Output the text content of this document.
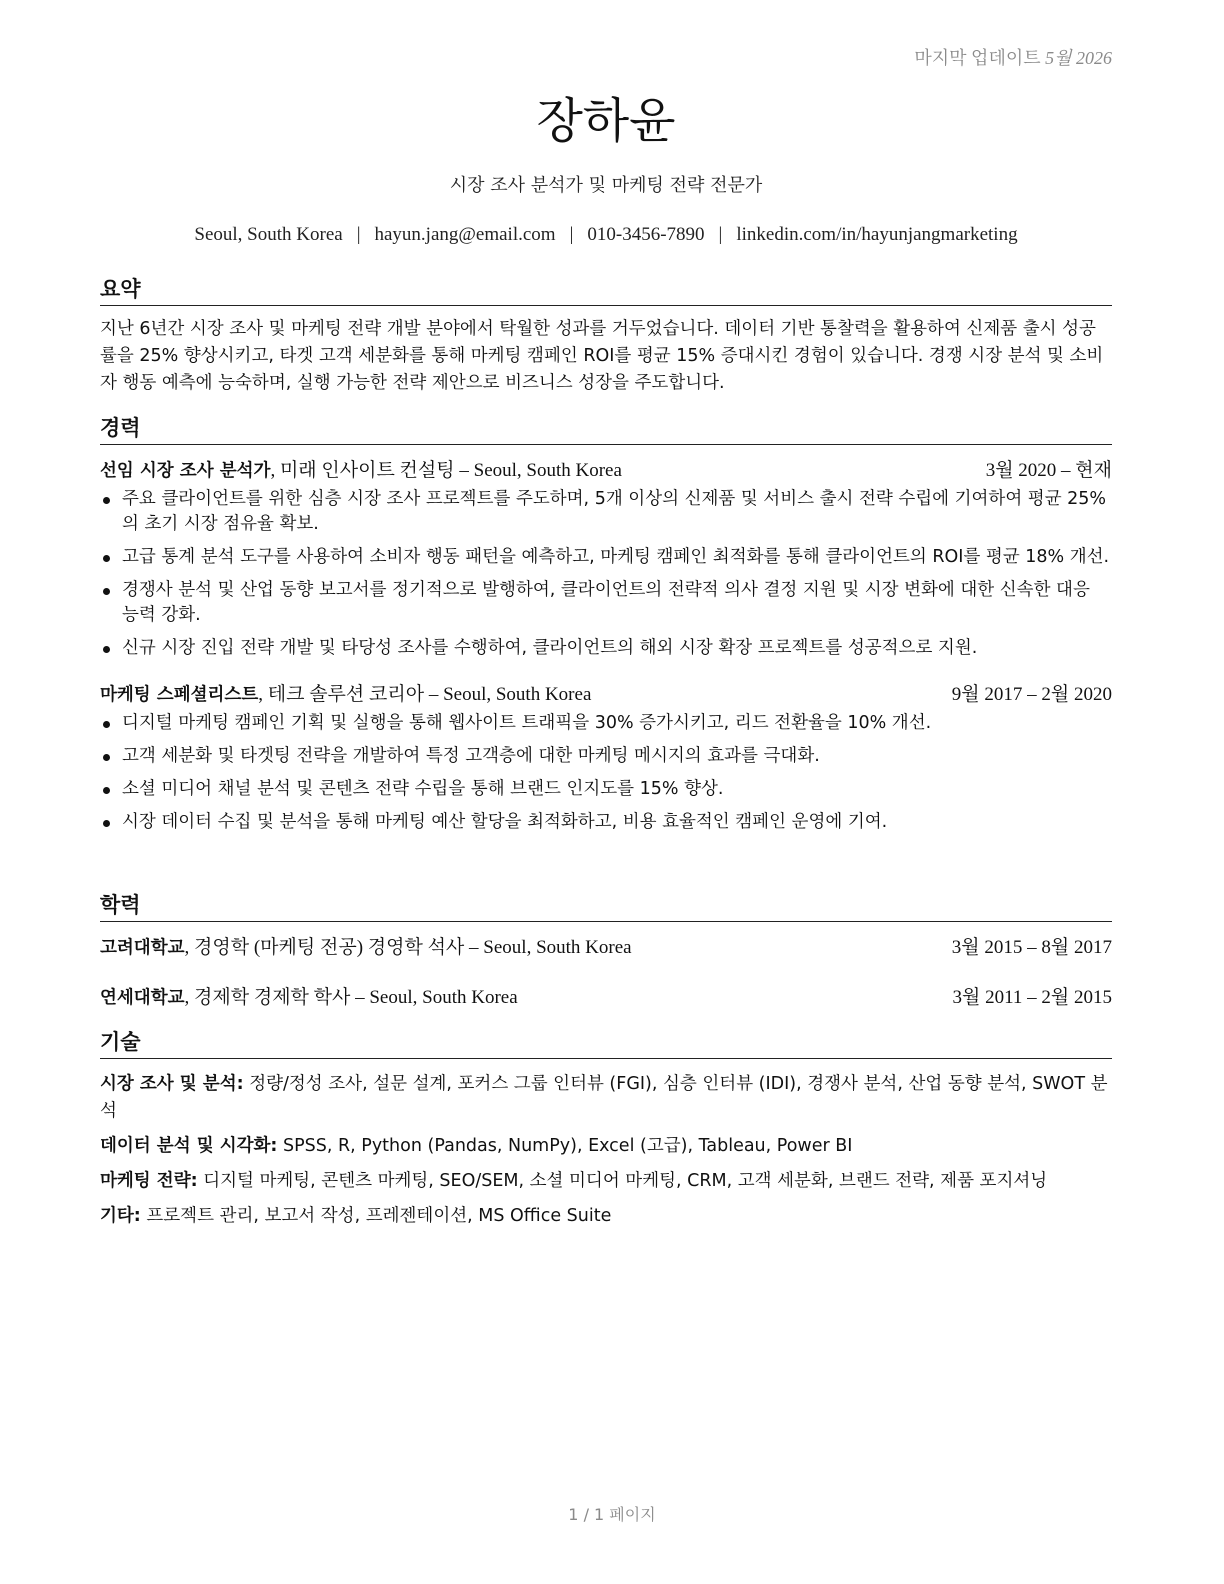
마지막 업데이트 5월 2026
장하윤
시장 조사 분석가 및 마케팅 전략 전문가
Seoul, South Korea | hayun.jang@email.com | 010-3456-7890 | linkedin.com/in/hayunjangmarketing
요약
지난 6년간 시장 조사 및 마케팅 전략 개발 분야에서 탁월한 성과를 거두었습니다. 데이터 기반 통찰력을 활용하여 신제품 출시 성공률을 25% 향상시키고, 타겟 고객 세분화를 통해 마케팅 캠페인 ROI를 평균 15% 증대시킨 경험이 있습니다. 경쟁 시장 분석 및 소비자 행동 예측에 능숙하며, 실행 가능한 전략 제안으로 비즈니스 성장을 주도합니다.
경력
선임 시장 조사 분석가, 미래 인사이트 컨설팅 – Seoul, South Korea	3월 2020 – 현재
주요 클라이언트를 위한 심층 시장 조사 프로젝트를 주도하며, 5개 이상의 신제품 및 서비스 출시 전략 수립에 기여하여 평균 25%의 초기 시장 점유율 확보.
고급 통계 분석 도구를 사용하여 소비자 행동 패턴을 예측하고, 마케팅 캠페인 최적화를 통해 클라이언트의 ROI를 평균 18% 개선.
경쟁사 분석 및 산업 동향 보고서를 정기적으로 발행하여, 클라이언트의 전략적 의사 결정 지원 및 시장 변화에 대한 신속한 대응 능력 강화.
신규 시장 진입 전략 개발 및 타당성 조사를 수행하여, 클라이언트의 해외 시장 확장 프로젝트를 성공적으로 지원.
마케팅 스페셜리스트, 테크 솔루션 코리아 – Seoul, South Korea	9월 2017 – 2월 2020
디지털 마케팅 캠페인 기획 및 실행을 통해 웹사이트 트래픽을 30% 증가시키고, 리드 전환율을 10% 개선.
고객 세분화 및 타겟팅 전략을 개발하여 특정 고객층에 대한 마케팅 메시지의 효과를 극대화.
소셜 미디어 채널 분석 및 콘텐츠 전략 수립을 통해 브랜드 인지도를 15% 향상.
시장 데이터 수집 및 분석을 통해 마케팅 예산 할당을 최적화하고, 비용 효율적인 캠페인 운영에 기여.
학력
고려대학교, 경영학 (마케팅 전공) 경영학 석사 – Seoul, South Korea	3월 2015 – 8월 2017
연세대학교, 경제학 경제학 학사 – Seoul, South Korea	3월 2011 – 2월 2015
기술
시장 조사 및 분석: 정량/정성 조사, 설문 설계, 포커스 그룹 인터뷰 (FGI), 심층 인터뷰 (IDI), 경쟁사 분석, 산업 동향 분석, SWOT 분석
데이터 분석 및 시각화: SPSS, R, Python (Pandas, NumPy), Excel (고급), Tableau, Power BI
마케팅 전략: 디지털 마케팅, 콘텐츠 마케팅, SEO/SEM, 소셜 미디어 마케팅, CRM, 고객 세분화, 브랜드 전략, 제품 포지셔닝
기타: 프로젝트 관리, 보고서 작성, 프레젠테이션, MS Office Suite
1 / 1 페이지
